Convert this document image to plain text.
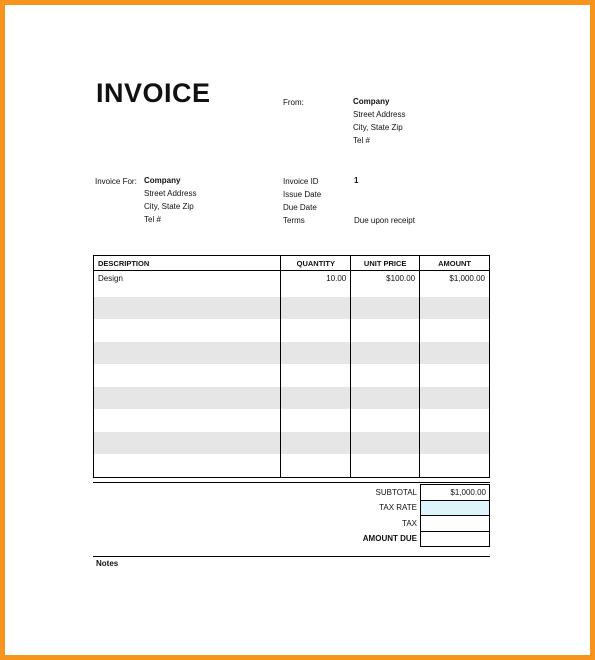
INVOICE	From:	Company
Street Address
City, State Zip
Tel #
Invoice For: Company
Street Address
City, State Zip
Tel #
Invoice ID	1
Issue Date
Due Date
Terms	Due upon receipt
DESCRIPTION	QUANTITY	UNIT PRICE	AMOUNT
Design	10.00	$100.00	$1,000.00

SUBTOTAL	$1,000.00
TAX RATE	
TAX	
AMOUNT DUE	
Notes
